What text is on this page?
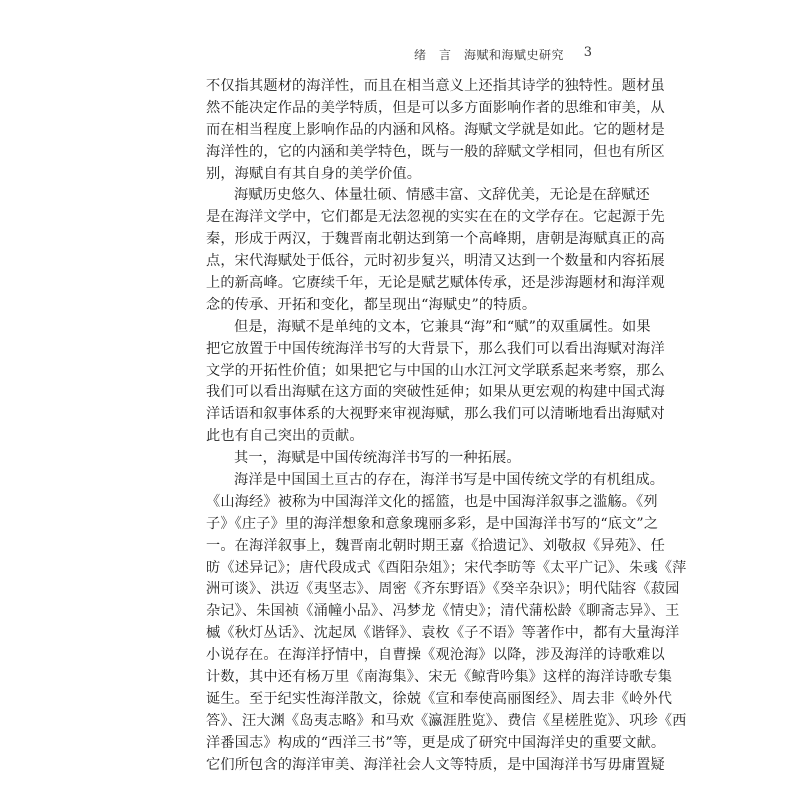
绪　言　海赋和海赋史研究 3
不仅指其题材的海洋性，而且在相当意义上还指其诗学的独特性。题材虽
然不能决定作品的美学特质，但是可以多方面影响作者的思维和审美，从
而在相当程度上影响作品的内涵和风格。海赋文学就是如此。它的题材是
海洋性的，它的内涵和美学特色，既与一般的辞赋文学相同，但也有所区
别，海赋自有其自身的美学价值。
海赋历史悠久、体量壮硕、情感丰富、文辞优美，无论是在辞赋还
是在海洋文学中，它们都是无法忽视的实实在在的文学存在。它起源于先
秦，形成于两汉，于魏晋南北朝达到第一个高峰期，唐朝是海赋真正的高
点，宋代海赋处于低谷，元时初步复兴，明清又达到一个数量和内容拓展
上的新高峰。它赓续千年，无论是赋艺赋体传承，还是涉海题材和海洋观
念的传承、开拓和变化，都呈现出“海赋史”的特质。
但是，海赋不是单纯的文本，它兼具“海”和“赋”的双重属性。如果
把它放置于中国传统海洋书写的大背景下，那么我们可以看出海赋对海洋
文学的开拓性价值；如果把它与中国的山水江河文学联系起来考察，那么
我们可以看出海赋在这方面的突破性延伸；如果从更宏观的构建中国式海
洋话语和叙事体系的大视野来审视海赋，那么我们可以清晰地看出海赋对
此也有自己突出的贡献。
其一，海赋是中国传统海洋书写的一种拓展。
海洋是中国国土亘古的存在，海洋书写是中国传统文学的有机组成。
《山海经》被称为中国海洋文化的摇篮，也是中国海洋叙事之滥觞。《列
子》《庄子》里的海洋想象和意象瑰丽多彩，是中国海洋书写的“底文”之
一。在海洋叙事上，魏晋南北朝时期王嘉《拾遗记》、刘敬叔《异苑》、任
昉《述异记》；唐代段成式《酉阳杂俎》；宋代李昉等《太平广记》、朱彧《萍
洲可谈》、洪迈《夷坚志》、周密《齐东野语》《癸辛杂识》；明代陆容《菽园
杂记》、朱国祯《涌幢小品》、冯梦龙《情史》；清代蒲松龄《聊斋志异》、王
槭《秋灯丛话》、沈起凤《谐铎》、袁枚《子不语》等著作中，都有大量海洋
小说存在。在海洋抒情中，自曹操《观沧海》以降，涉及海洋的诗歌难以
计数，其中还有杨万里《南海集》、宋无《鲸背吟集》这样的海洋诗歌专集
诞生。至于纪实性海洋散文，徐兢《宣和奉使高丽图经》、周去非《岭外代
答》、汪大渊《岛夷志略》和马欢《瀛涯胜览》、费信《星槎胜览》、巩珍《西
洋番国志》构成的“西洋三书”等，更是成了研究中国海洋史的重要文献。
它们所包含的海洋审美、海洋社会人文等特质，是中国海洋书写毋庸置疑
